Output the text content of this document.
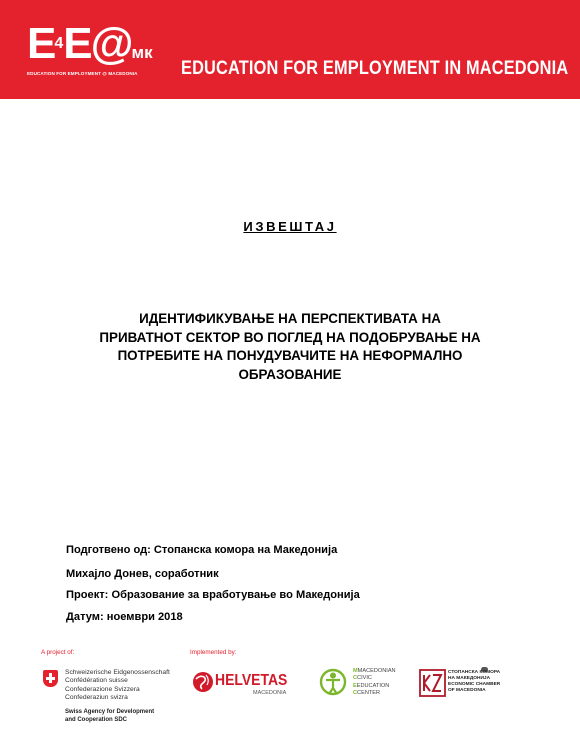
$E^4E@мк$
EDUCATION FOR EMPLOYMENT @ MACEDONIA EDUCATION FOR EMPLOYMENT IN MACEDONIA
ИЗВЕШТАЈ
ИДЕНТИФИКУВАЊЕ НА ПЕРСПЕКТИВАТА НА
ПРИВАТНОТ СЕКТОР ВО ПОГЛЕД НА ПОДОБРУВАЊЕ НА
ПОТРЕБИТЕ НА ПОНУДУВАЧИТЕ НА НЕФОРМАЛНО
ОБРАЗОВАНИЕ
Подготвено од: Стопанска комора на Македонија
Михајло Донев, соработник
Проект: Образование за вработување во Македонија
Датум: ноември 2018
A project of:
Schweizerische Eidgenossenschaft
Confédération suisse
Confederazione Svizzera
Confederaziun svizra
Swiss Agency for Development
and Cooperation SDC
Implemented by:
HELVETAS
MACEDONIA
MMACEDONIAN
CCIVIC
EEDUCATION
CCENTER
СТОПАНСКА КОМОРА
НА МАКЕДОНИЈА
ECONOMIC CHAMBER
OF MACEDONIA
